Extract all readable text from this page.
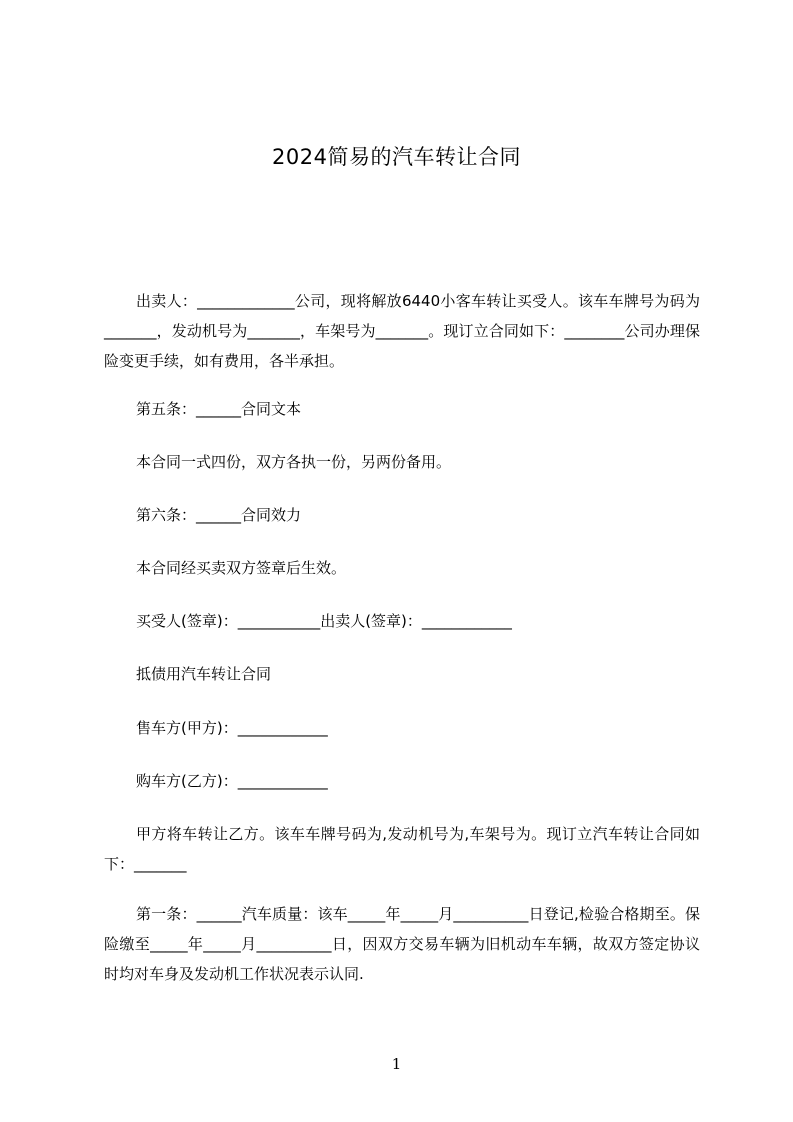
2024简易的汽车转让合同

出卖人：_____________公司，现将解放6440小客车转让买受人。该车车牌号为码为_______，发动机号为_______，车架号为_______。现订立合同如下：________公司办理保险变更手续，如有费用，各半承担。

第五条：______合同文本
本合同一式四份，双方各执一份，另两份备用。
第六条：______合同效力
本合同经买卖双方签章后生效。
买受人(签章)：___________出卖人(签章)：____________
抵债用汽车转让合同
售车方(甲方)：____________
购车方(乙方)：____________

甲方将车转让乙方。该车车牌号码为,发动机号为,车架号为。现订立汽车转让合同如下：_______

第一条：______汽车质量：该车_____年_____月__________日登记,检验合格期至。保险缴至_____年_____月__________日，因双方交易车辆为旧机动车车辆，故双方签定协议时均对车身及发动机工作状况表示认同.

1
